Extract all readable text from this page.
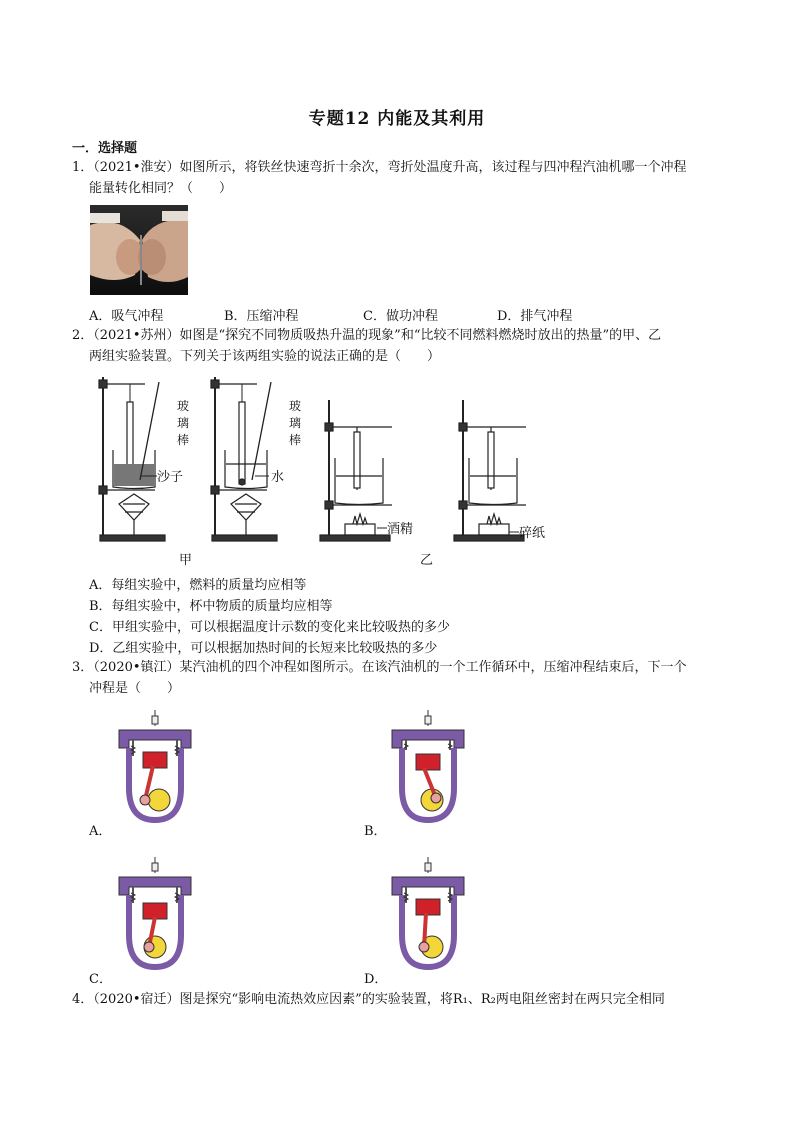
专题12 内能及其利用
一．选择题
1．（2021•淮安）如图所示，将铁丝快速弯折十余次，弯折处温度升高，该过程与四冲程汽油机哪一个冲程
能量转化相同？（　　）
A．吸气冲程	B．压缩冲程	C．做功冲程	D．排气冲程
2．（2021•苏州）如图是“探究不同物质吸热升温的现象”和“比较不同燃料燃烧时放出的热量”的甲、乙
两组实验装置。下列关于该两组实验的说法正确的是（　　）
玻
璃
棒
沙子
玻
璃
棒
水
酒精	碎纸
甲	乙
A．每组实验中，燃料的质量均应相等
B．每组实验中，杯中物质的质量均应相等
C．甲组实验中，可以根据温度计示数的变化来比较吸热的多少
D．乙组实验中，可以根据加热时间的长短来比较吸热的多少
3．（2020•镇江）某汽油机的四个冲程如图所示。在该汽油机的一个工作循环中，压缩冲程结束后，下一个
冲程是（　　）
A．	B．
C．	D．
4．（2020•宿迁）图是探究“影响电流热效应因素”的实验装置，将R₁、R₂两电阻丝密封在两只完全相同
